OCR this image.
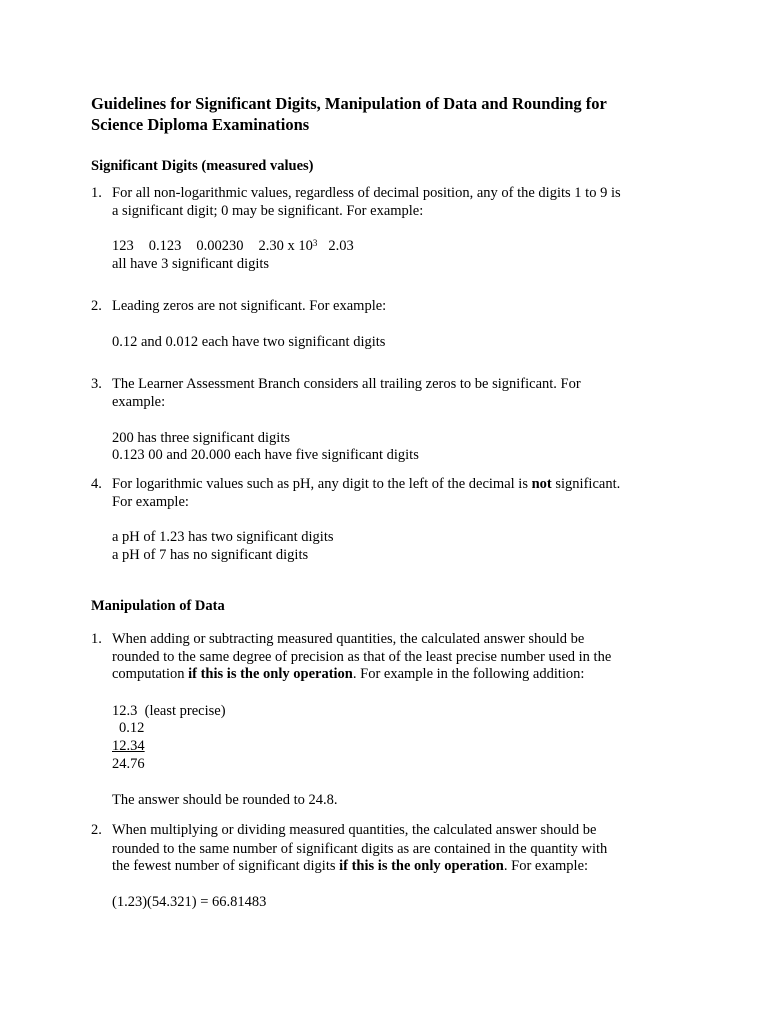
Guidelines for Significant Digits, Manipulation of Data and Rounding for
Science Diploma Examinations
Significant Digits (measured values)
1. For all non-logarithmic values, regardless of decimal position, any of the digits 1 to 9 is
a significant digit; 0 may be significant. For example:
123 0.123 0.00230 2.30 x $10^3$ 2.03
all have 3 significant digits
2. Leading zeros are not significant. For example:
0.12 and 0.012 each have two significant digits
3. The Learner Assessment Branch considers all trailing zeros to be significant. For
example:
200 has three significant digits
0.123 00 and 20.000 each have five significant digits
4. For logarithmic values such as pH, any digit to the left of the decimal is not significant.
For example:
a pH of 1.23 has two significant digits
a pH of 7 has no significant digits
Manipulation of Data
1. When adding or subtracting measured quantities, the calculated answer should be
rounded to the same degree of precision as that of the least precise number used in the
computation if this is the only operation. For example in the following addition:
12.3  (least precise)
0.12
12.34
24.76
The answer should be rounded to 24.8.
2. When multiplying or dividing measured quantities, the calculated answer should be
rounded to the same number of significant digits as are contained in the quantity with
the fewest number of significant digits if this is the only operation. For example:
(1.23)(54.321) = 66.81483
